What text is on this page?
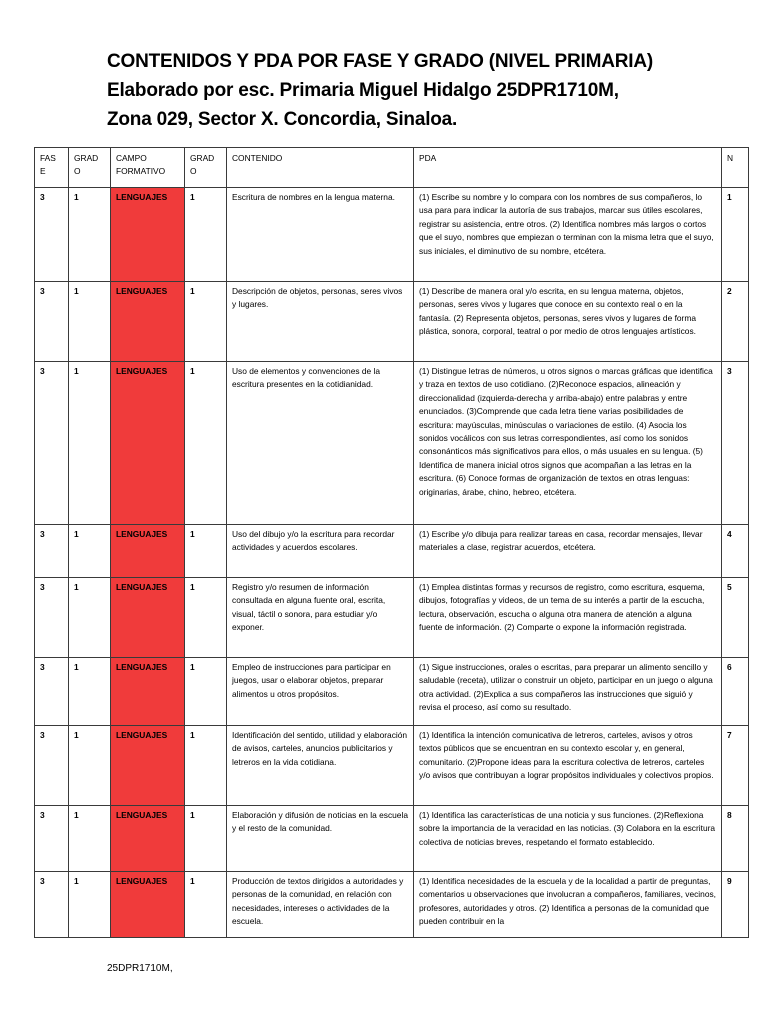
CONTENIDOS Y PDA POR FASE Y GRADO (NIVEL PRIMARIA)
Elaborado por esc. Primaria Miguel Hidalgo 25DPR1710M,
Zona 029, Sector X. Concordia, Sinaloa.
FAS E	GRAD O	CAMPO FORMATIVO	GRAD O	CONTENIDO	PDA	N
3	1	LENGUAJES	1	Escritura de nombres en la lengua materna.	(1) Escribe su nombre y lo compara con los nombres de sus compañeros, lo usa para para indicar la autoría de sus trabajos, marcar sus útiles escolares, registrar su asistencia, entre otros. (2) Identifica nombres más largos o cortos que el suyo, nombres que empiezan o terminan con la misma letra que el suyo, sus iniciales, el diminutivo de su nombre, etcétera.	1
3	1	LENGUAJES	1	Descripción de objetos, personas, seres vivos y lugares.	(1) Describe de manera oral y/o escrita, en su lengua materna, objetos, personas, seres vivos y lugares que conoce en su contexto real o en la fantasía. (2) Representa objetos, personas, seres vivos y lugares de forma plástica, sonora, corporal, teatral o por medio de otros lenguajes artísticos.	2
3	1	LENGUAJES	1	Uso de elementos y convenciones de la escritura presentes en la cotidianidad.	(1) Distingue letras de números, u otros signos o marcas gráficas que identifica y traza en textos de uso cotidiano. (2)Reconoce espacios, alineación y direccionalidad (izquierda-derecha y arriba-abajo) entre palabras y entre enunciados. (3)Comprende que cada letra tiene varias posibilidades de escritura: mayúsculas, minúsculas o variaciones de estilo. (4) Asocia los sonidos vocálicos con sus letras correspondientes, así como los sonidos consonánticos más significativos para ellos, o más usuales en su lengua. (5) Identifica de manera inicial otros signos que acompañan a las letras en la escritura. (6) Conoce formas de organización de textos en otras lenguas: originarias, árabe, chino, hebreo, etcétera.	3
3	1	LENGUAJES	1	Uso del dibujo y/o la escritura para recordar actividades y acuerdos escolares.	(1) Escribe y/o dibuja para realizar tareas en casa, recordar mensajes, llevar materiales a clase, registrar acuerdos, etcétera.	4
3	1	LENGUAJES	1	Registro y/o resumen de información consultada en alguna fuente oral, escrita, visual, táctil o sonora, para estudiar y/o exponer.	(1) Emplea distintas formas y recursos de registro, como escritura, esquema, dibujos, fotografías y videos, de un tema de su interés a partir de la escucha, lectura, observación, escucha o alguna otra manera de atención a alguna fuente de información. (2) Comparte o expone la información registrada.	5
3	1	LENGUAJES	1	Empleo de instrucciones para participar en juegos, usar o elaborar objetos, preparar alimentos u otros propósitos.	(1) Sigue instrucciones, orales o escritas, para preparar un alimento sencillo y saludable (receta), utilizar o construir un objeto, participar en un juego o alguna otra actividad. (2)Explica a sus compañeros las instrucciones que siguió y revisa el proceso, así como su resultado.	6
3	1	LENGUAJES	1	Identificación del sentido, utilidad y elaboración de avisos, carteles, anuncios publicitarios y letreros en la vida cotidiana.	(1) Identifica la intención comunicativa de letreros, carteles, avisos y otros textos públicos que se encuentran en su contexto escolar y, en general, comunitario. (2)Propone ideas para la escritura colectiva de letreros, carteles y/o avisos que contribuyan a lograr propósitos individuales y colectivos propios.	7
3	1	LENGUAJES	1	Elaboración y difusión de noticias en la escuela y el resto de la comunidad.	(1) Identifica las características de una noticia y sus funciones. (2)Reflexiona sobre la importancia de la veracidad en las noticias. (3) Colabora en la escritura colectiva de noticias breves, respetando el formato establecido.	8
3	1	LENGUAJES	1	Producción de textos dirigidos a autoridades y personas de la comunidad, en relación con necesidades, intereses o actividades de la escuela.	(1) Identifica necesidades de la escuela y de la localidad a partir de preguntas, comentarios u observaciones que involucran a compañeros, familiares, vecinos, profesores, autoridades y otros. (2) Identifica a personas de la comunidad que pueden contribuir en la	9
25DPR1710M,
